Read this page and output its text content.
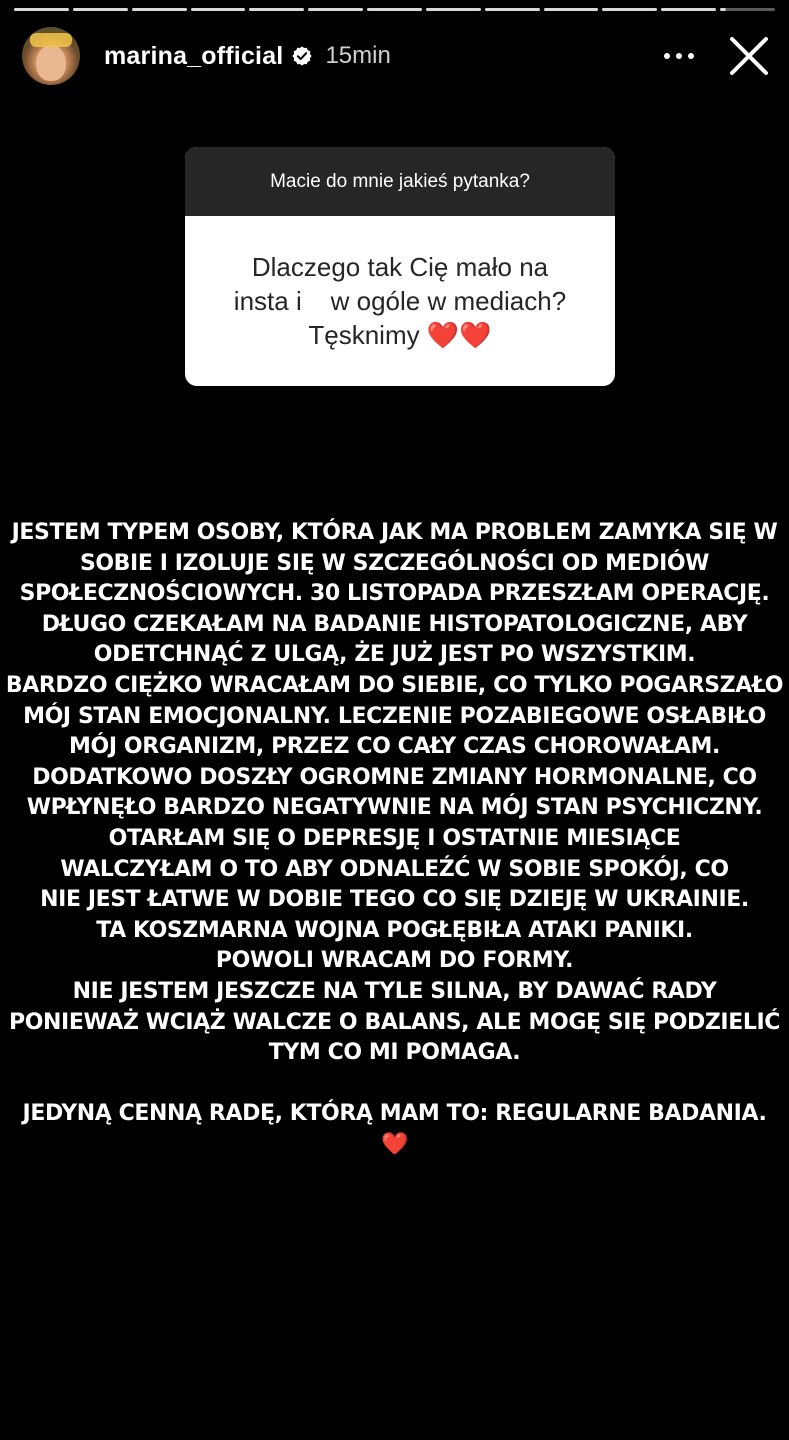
marina_official 15min
Macie do mnie jakieś pytanka?
Dlaczego tak Cię mało na
insta i    w ogóle w mediach?
Tęsknimy ❤️❤️
JESTEM TYPEM OSOBY, KTÓRA JAK MA PROBLEM ZAMYKA SIĘ W
SOBIE I IZOLUJE SIĘ W SZCZEGÓLNOŚCI OD MEDIÓW
SPOŁECZNOŚCIOWYCH. 30 LISTOPADA PRZESZŁAM OPERACJĘ.
DŁUGO CZEKAŁAM NA BADANIE HISTOPATOLOGICZNE, ABY
ODETCHNĄĆ Z ULGĄ, ŻE JUŻ JEST PO WSZYSTKIM.
BARDZO CIĘŻKO WRACAŁAM DO SIEBIE, CO TYLKO POGARSZAŁO
MÓJ STAN EMOCJONALNY. LECZENIE POZABIEGOWE OSŁABIŁO
MÓJ ORGANIZM, PRZEZ CO CAŁY CZAS CHOROWAŁAM.
DODATKOWO DOSZŁY OGROMNE ZMIANY HORMONALNE, CO
WPŁYNĘŁO BARDZO NEGATYWNIE NA MÓJ STAN PSYCHICZNY.
OTARŁAM SIĘ O DEPRESJĘ I OSTATNIE MIESIĄCE
WALCZYŁAM O TO ABY ODNALEŹĆ W SOBIE SPOKÓJ, CO
NIE JEST ŁATWE W DOBIE TEGO CO SIĘ DZIEJĘ W UKRAINIE.
TA KOSZMARNA WOJNA POGŁĘBIŁA ATAKI PANIKI.
POWOLI WRACAM DO FORMY.
NIE JESTEM JESZCZE NA TYLE SILNA, BY DAWAĆ RADY
PONIEWAŻ WCIĄŻ WALCZE O BALANS, ALE MOGĘ SIĘ PODZIELIĆ
TYM CO MI POMAGA.
JEDYNĄ CENNĄ RADĘ, KTÓRĄ MAM TO: REGULARNE BADANIA.
❤️
